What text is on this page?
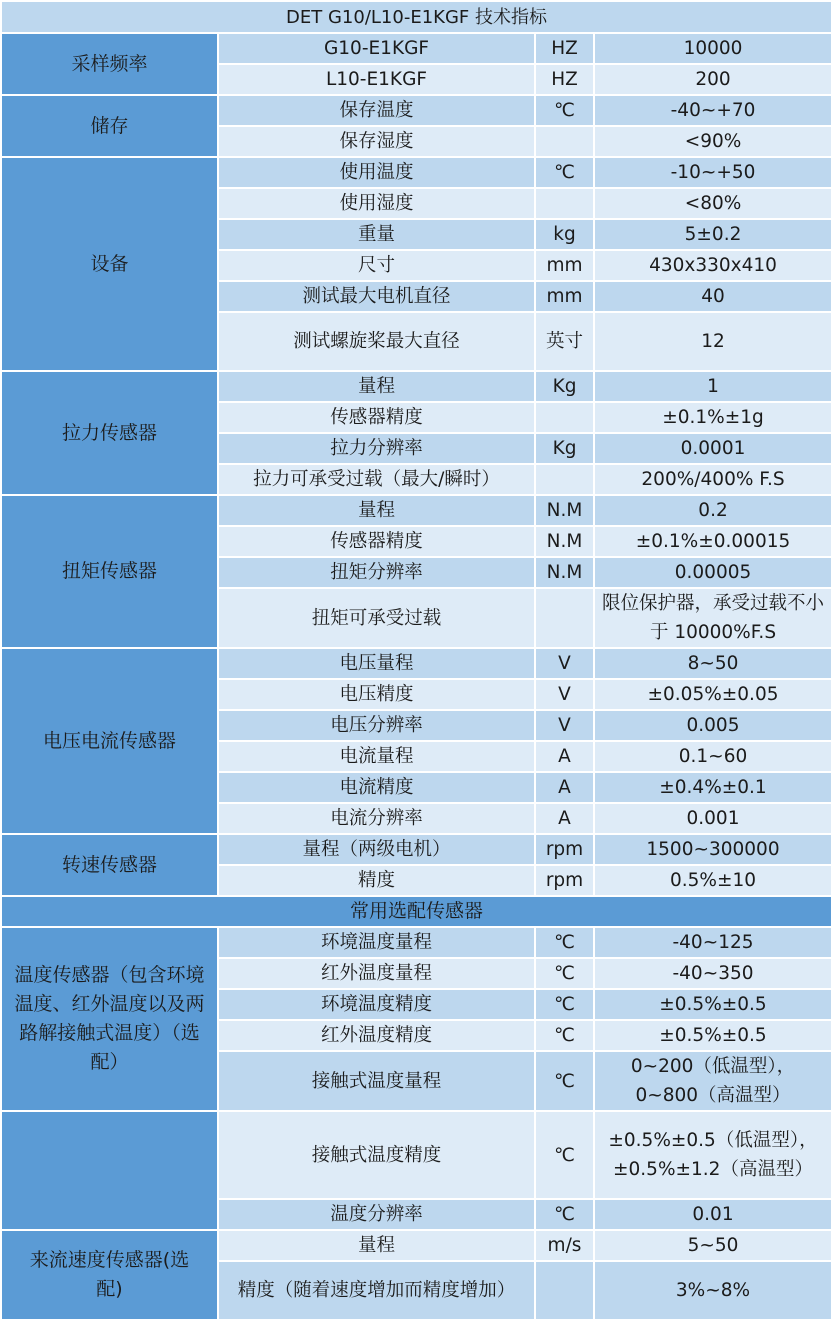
DET G10/L10-E1KGF 技术指标			
采样频率	G10-E1KGF	HZ	10000
	L10-E1KGF	HZ	200
储存	保存温度	℃	-40~+70
	保存湿度		<90%
设备	使用温度	℃	-10~+50
	使用湿度		<80%
	重量	kg	5±0.2
	尺寸	mm	430x330x410
	测试最大电机直径	mm	40
	测试螺旋桨最大直径	英寸	12
拉力传感器	量程	Kg	1
	传感器精度		±0.1%±1g
	拉力分辨率	Kg	0.0001
	拉力可承受过载（最大/瞬时）		200%/400% F.S
扭矩传感器	量程	N.M	0.2
	传感器精度	N.M	±0.1%±0.00015
	扭矩分辨率	N.M	0.00005
	扭矩可承受过载		限位保护器，承受过载不小于 10000%F.S
电压电流传感器	电压量程	V	8~50
	电压精度	V	±0.05%±0.05
	电压分辨率	V	0.005
	电流量程	A	0.1~60
	电流精度	A	±0.4%±0.1
	电流分辨率	A	0.001
转速传感器	量程（两级电机）	rpm	1500~300000
	精度	rpm	0.5%±10
常用选配传感器			
温度传感器（包含环境温度、红外温度以及两路解接触式温度）（选配）	环境温度量程	℃	-40~125
	红外温度量程	℃	-40~350
	环境温度精度	℃	±0.5%±0.5
	红外温度精度	℃	±0.5%±0.5
	接触式温度量程	℃	0~200（低温型），0~800（高温型）
	接触式温度精度	℃	±0.5%±0.5（低温型），±0.5%±1.2（高温型）
	温度分辨率	℃	0.01
来流速度传感器(选配)	量程	m/s	5~50
	精度（随着速度增加而精度增加）		3%~8%
